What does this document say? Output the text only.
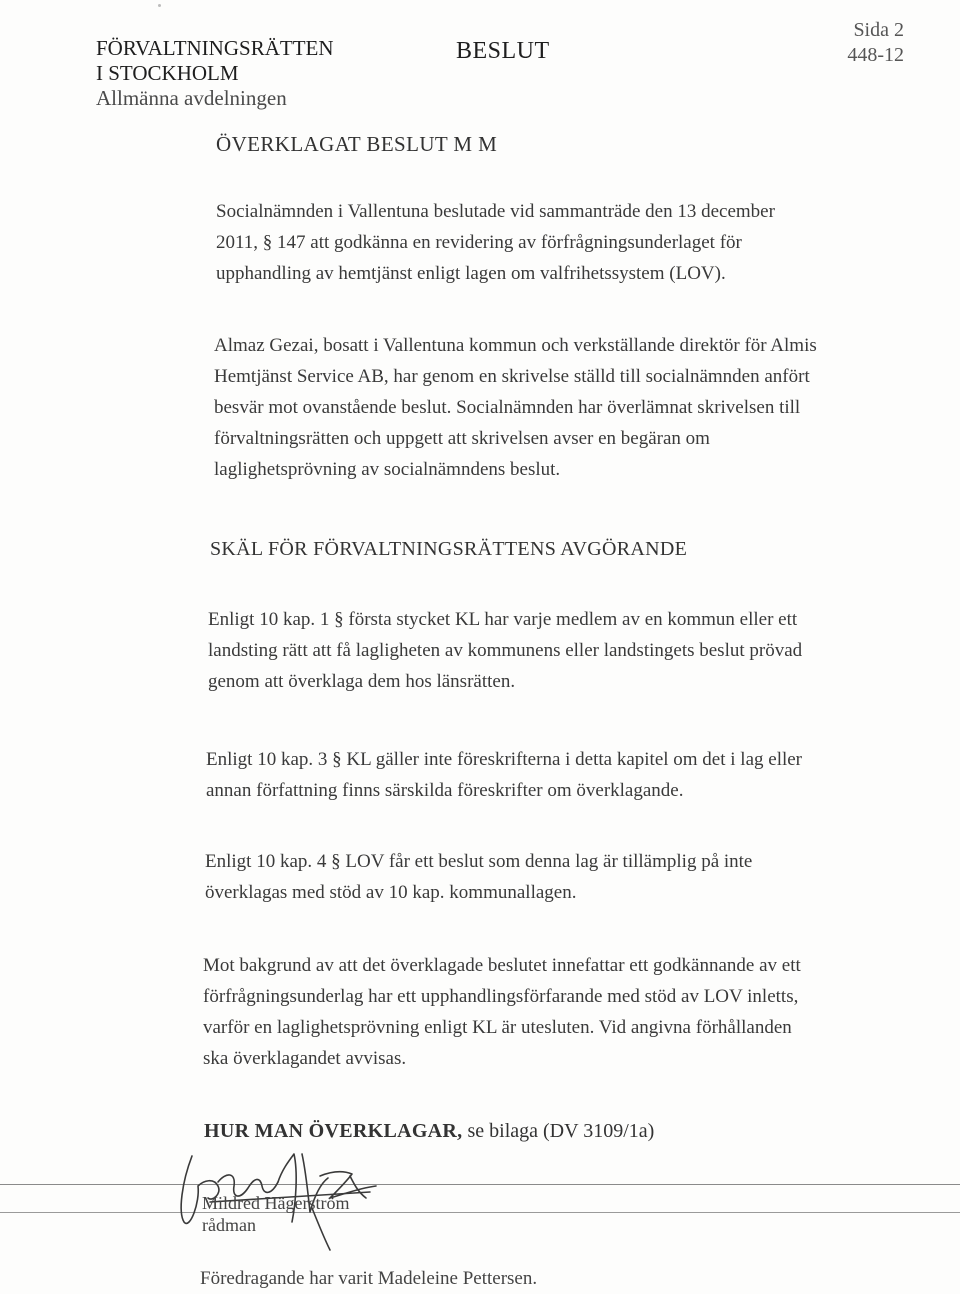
FÖRVALTNINGSRÄTTEN
I STOCKHOLM
Allmänna avdelningen
BESLUT
Sida 2
448-12
ÖVERKLAGAT BESLUT M M
Socialnämnden i Vallentuna beslutade vid sammanträde den 13 december 2011, § 147 att godkänna en revidering av förfrågningsunderlaget för upphandling av hemtjänst enligt lagen om valfrihetssystem (LOV).
Almaz Gezai, bosatt i Vallentuna kommun och verkställande direktör för Almis Hemtjänst Service AB, har genom en skrivelse ställd till socialnämnden anfört besvär mot ovanstående beslut. Socialnämnden har överlämnat skrivelsen till förvaltningsrätten och uppgett att skrivelsen avser en begäran om laglighetsprövning av socialnämndens beslut.
SKÄL FÖR FÖRVALTNINGSRÄTTENS AVGÖRANDE
Enligt 10 kap. 1 § första stycket KL har varje medlem av en kommun eller ett landsting rätt att få lagligheten av kommunens eller landstingets beslut prövad genom att överklaga dem hos länsrätten.
Enligt 10 kap. 3 § KL gäller inte föreskrifterna i detta kapitel om det i lag eller annan författning finns särskilda föreskrifter om överklagande.
Enligt 10 kap. 4 § LOV får ett beslut som denna lag är tillämplig på inte överklagas med stöd av 10 kap. kommunallagen.
Mot bakgrund av att det överklagade beslutet innefattar ett godkännande av ett förfrågningsunderlag har ett upphandlingsförfarande med stöd av LOV inletts, varför en laglighetsprövning enligt KL är utesluten. Vid angivna förhållanden ska överklagandet avvisas.
HUR MAN ÖVERKLAGAR, se bilaga (DV 3109/1a)
Mildred Hägerström
rådman
Föredragande har varit Madeleine Pettersen.
